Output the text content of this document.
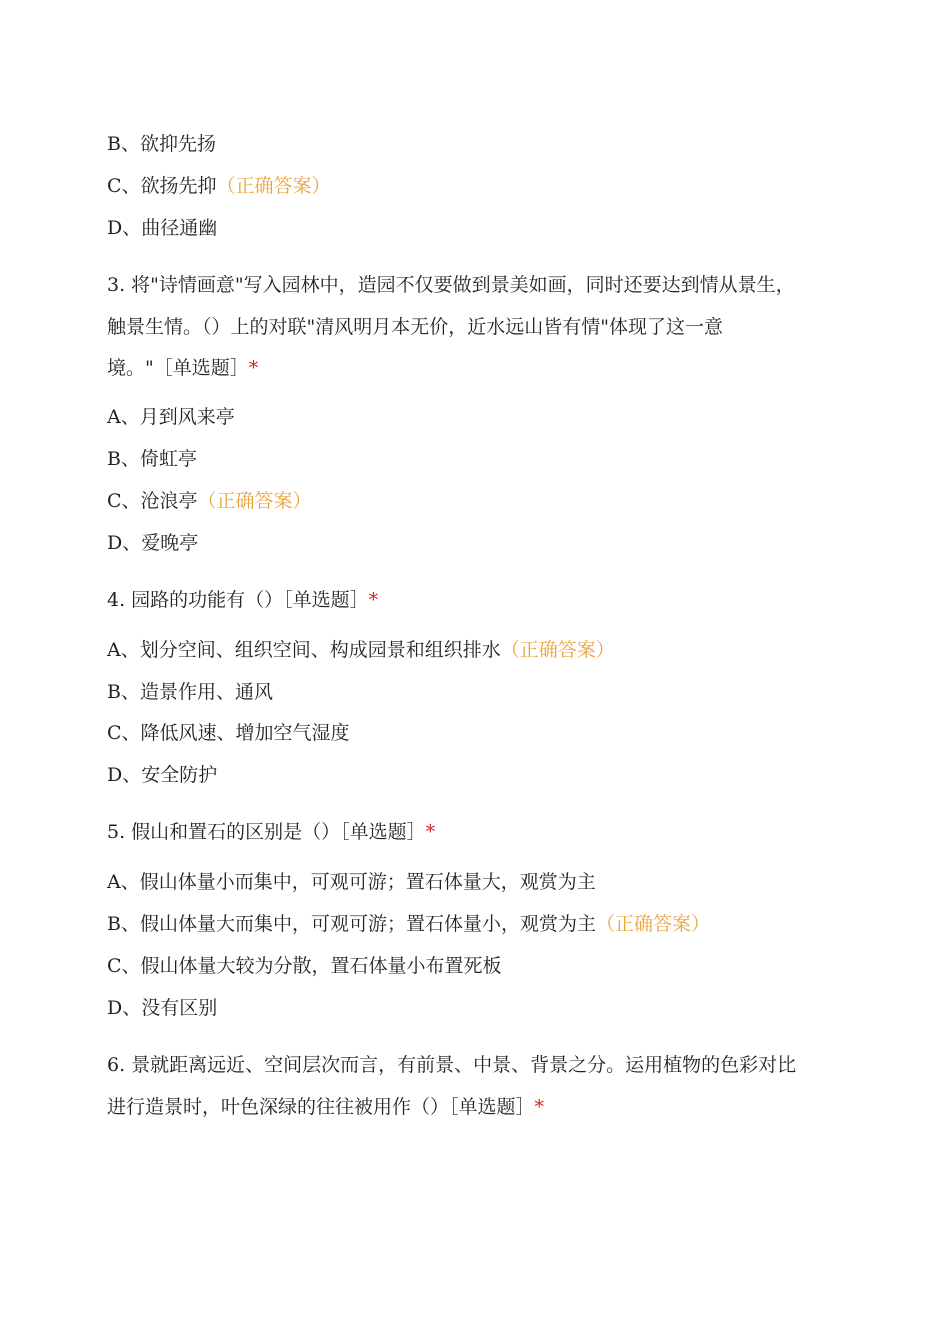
B、欲抑先扬
C、欲扬先抑（正确答案）
D、曲径通幽
3. 将"诗情画意"写入园林中，造园不仅要做到景美如画，同时还要达到情从景生，
触景生情。（）上的对联"清风明月本无价，近水远山皆有情"体现了这一意
境。"［单选题］*
A、月到风来亭
B、倚虹亭
C、沧浪亭（正确答案）
D、爱晚亭
4. 园路的功能有（）［单选题］*
A、划分空间、组织空间、构成园景和组织排水（正确答案）
B、造景作用、通风
C、降低风速、增加空气湿度
D、安全防护
5. 假山和置石的区别是（）［单选题］*
A、假山体量小而集中，可观可游；置石体量大，观赏为主
B、假山体量大而集中，可观可游；置石体量小，观赏为主（正确答案）
C、假山体量大较为分散，置石体量小布置死板
D、没有区别
6. 景就距离远近、空间层次而言，有前景、中景、背景之分。运用植物的色彩对比
进行造景时，叶色深绿的往往被用作（）［单选题］*
